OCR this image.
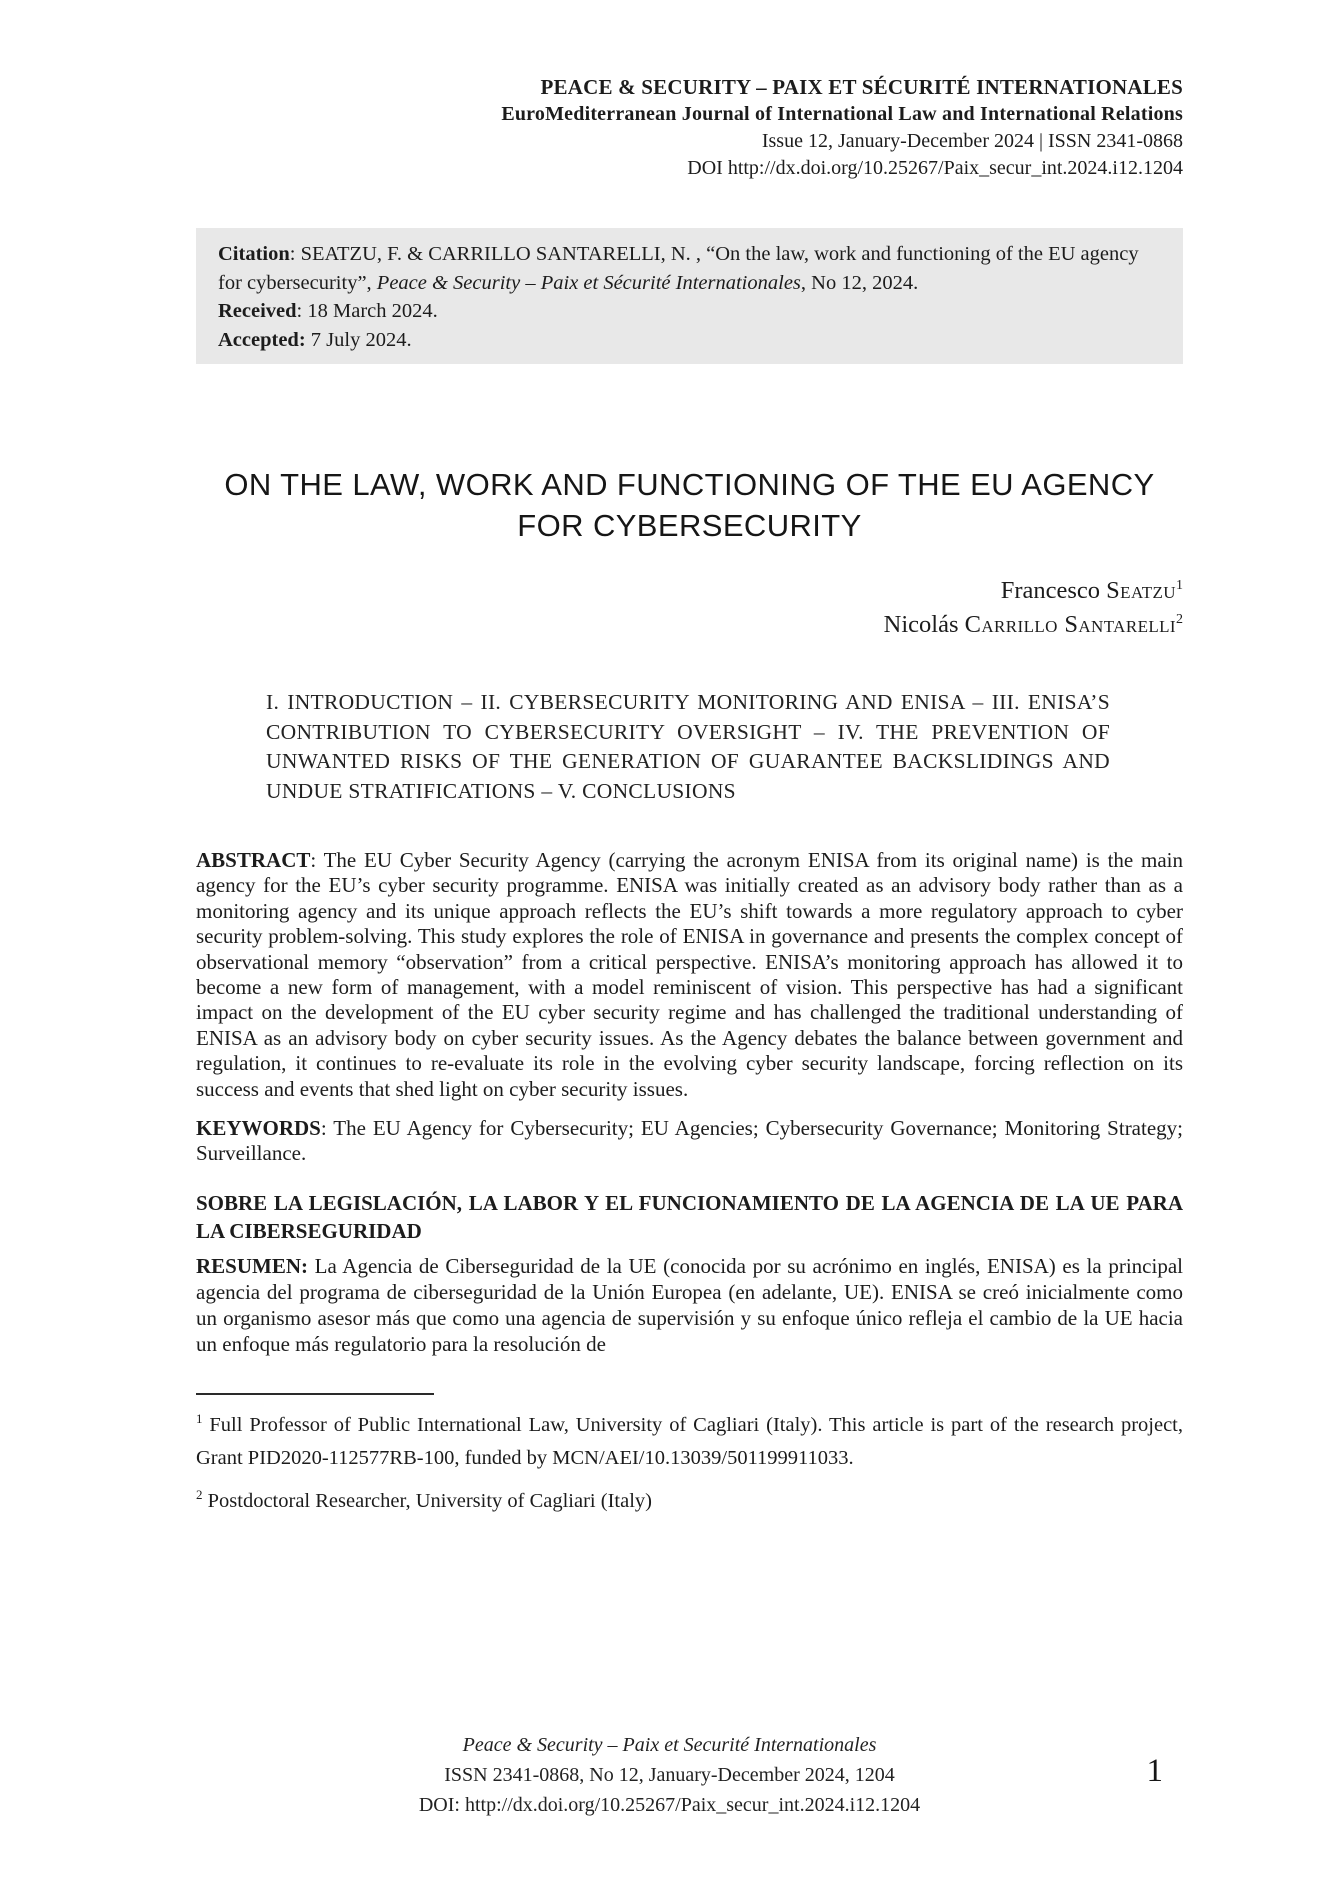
PEACE & SECURITY – PAIX ET SÉCURITÉ INTERNATIONALES
EuroMediterranean Journal of International Law and International Relations
Issue 12, January-December 2024 | ISSN 2341-0868
DOI http://dx.doi.org/10.25267/Paix_secur_int.2024.i12.1204

Citation: SEATZU, F. & CARRILLO SANTARELLI, N. , “On the law, work and functioning of the EU agency for cybersecurity”, Peace & Security – Paix et Sécurité Internationales, No 12, 2024.

Received: 18 March 2024.

Accepted: 7 July 2024.

ON THE LAW, WORK AND FUNCTIONING OF THE EU AGENCY FOR CYBERSECURITY
Francesco Seatzu$^1$
Nicolás Carrillo Santarelli$^2$
I. INTRODUCTION – II. CYBERSECURITY MONITORING AND ENISA – III. ENISA’S CONTRIBUTION TO CYBERSECURITY OVERSIGHT – IV. THE PREVENTION OF UNWANTED RISKS OF THE GENERATION OF GUARANTEE BACKSLIDINGS AND UNDUE STRATIFICATIONS – V. CONCLUSIONS

ABSTRACT: The EU Cyber Security Agency (carrying the acronym ENISA from its original name) is the main agency for the EU’s cyber security programme. ENISA was initially created as an advisory body rather than as a monitoring agency and its unique approach reflects the EU’s shift towards a more regulatory approach to cyber security problem-solving. This study explores the role of ENISA in governance and presents the complex concept of observational memory “observation” from a critical perspective. ENISA’s monitoring approach has allowed it to become a new form of management, with a model reminiscent of vision. This perspective has had a significant impact on the development of the EU cyber security regime and has challenged the traditional understanding of ENISA as an advisory body on cyber security issues. As the Agency debates the balance between government and regulation, it continues to re-evaluate its role in the evolving cyber security landscape, forcing reflection on its success and events that shed light on cyber security issues.

KEYWORDS: The EU Agency for Cybersecurity; EU Agencies; Cybersecurity Governance; Monitoring Strategy; Surveillance.

SOBRE LA LEGISLACIÓN, LA LABOR Y EL FUNCIONAMIENTO DE LA AGENCIA DE LA UE PARA LA CIBERSEGURIDAD

RESUMEN: La Agencia de Ciberseguridad de la UE (conocida por su acrónimo en inglés, ENISA) es la principal agencia del programa de ciberseguridad de la Unión Europea (en adelante, UE). ENISA se creó inicialmente como un organismo asesor más que como una agencia de supervisión y su enfoque único refleja el cambio de la UE hacia un enfoque más regulatorio para la resolución de

$^1$ Full Professor of Public International Law, University of Cagliari (Italy). This article is part of the research project, Grant PID2020-112577RB-100, funded by MCN/AEI/10.13039/501199911033.

$^2$ Postdoctoral Researcher, University of Cagliari (Italy)

Peace & Security – Paix et Securité Internationales
ISSN 2341-0868, No 12, January-December 2024, 1204
DOI: http://dx.doi.org/10.25267/Paix_secur_int.2024.i12.1204
1
